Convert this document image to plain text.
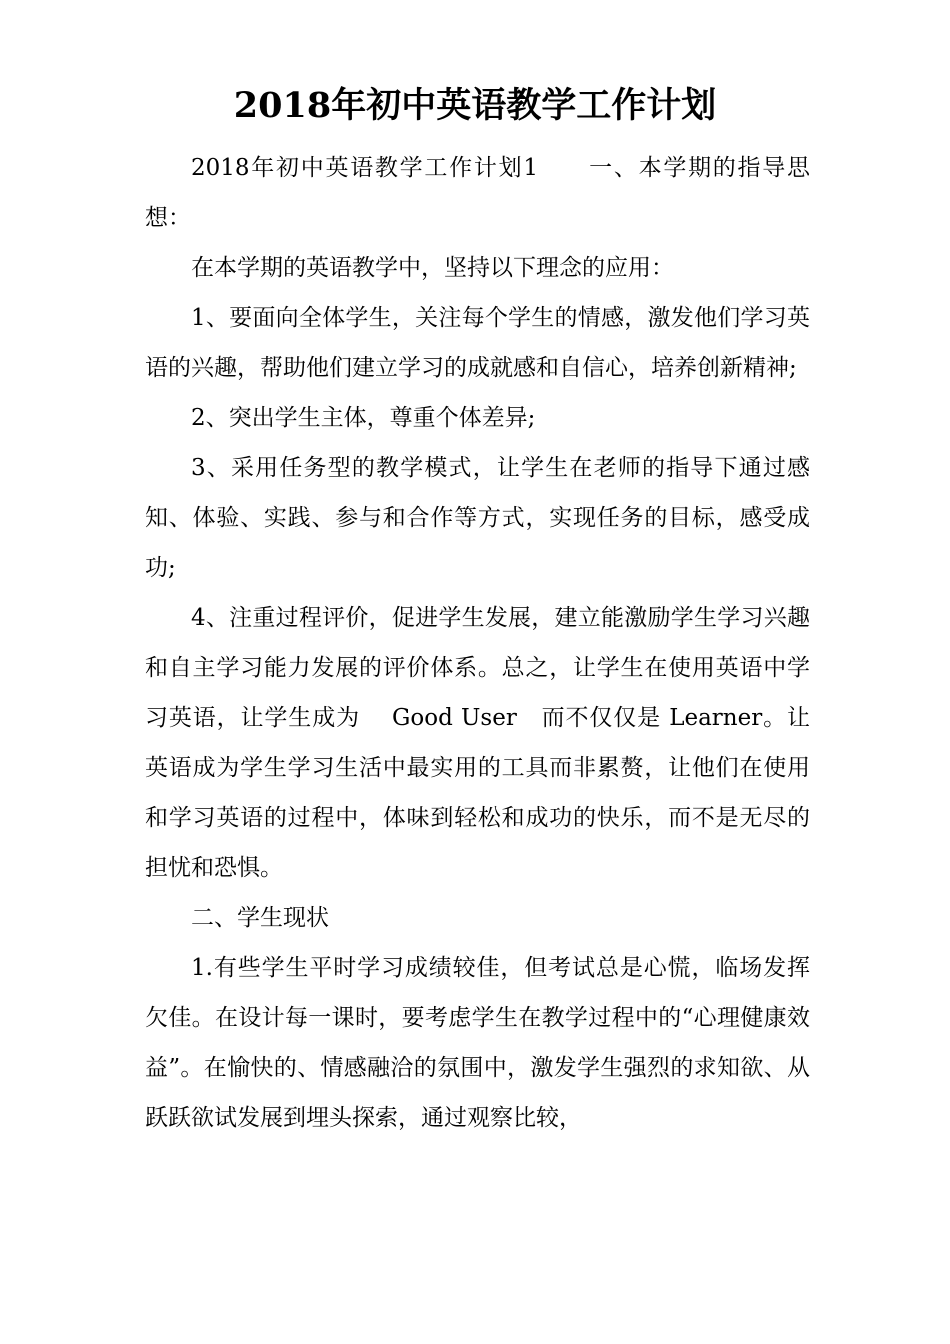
2018年初中英语教学工作计划

2018年初中英语教学工作计划1　　一、本学期的指导思想：

在本学期的英语教学中，坚持以下理念的应用：

1、要面向全体学生，关注每个学生的情感，激发他们学习英语的兴趣，帮助他们建立学习的成就感和自信心，培养创新精神;

2、突出学生主体，尊重个体差异;

3、采用任务型的教学模式，让学生在老师的指导下通过感知、体验、实践、参与和合作等方式，实现任务的目标，感受成功;

4、注重过程评价，促进学生发展，建立能激励学生学习兴趣和自主学习能力发展的评价体系。总之，让学生在使用英语中学习英语，让学生成为　 Good User　而不仅仅是 Learner。让英语成为学生学习生活中最实用的工具而非累赘，让他们在使用和学习英语的过程中，体味到轻松和成功的快乐，而不是无尽的担忧和恐惧。

二、学生现状

1.有些学生平时学习成绩较佳，但考试总是心慌，临场发挥欠佳。在设计每一课时，要考虑学生在教学过程中的“心理健康效益”。在愉快的、情感融洽的氛围中，激发学生强烈的求知欲、从跃跃欲试发展到埋头探索，通过观察比较，
